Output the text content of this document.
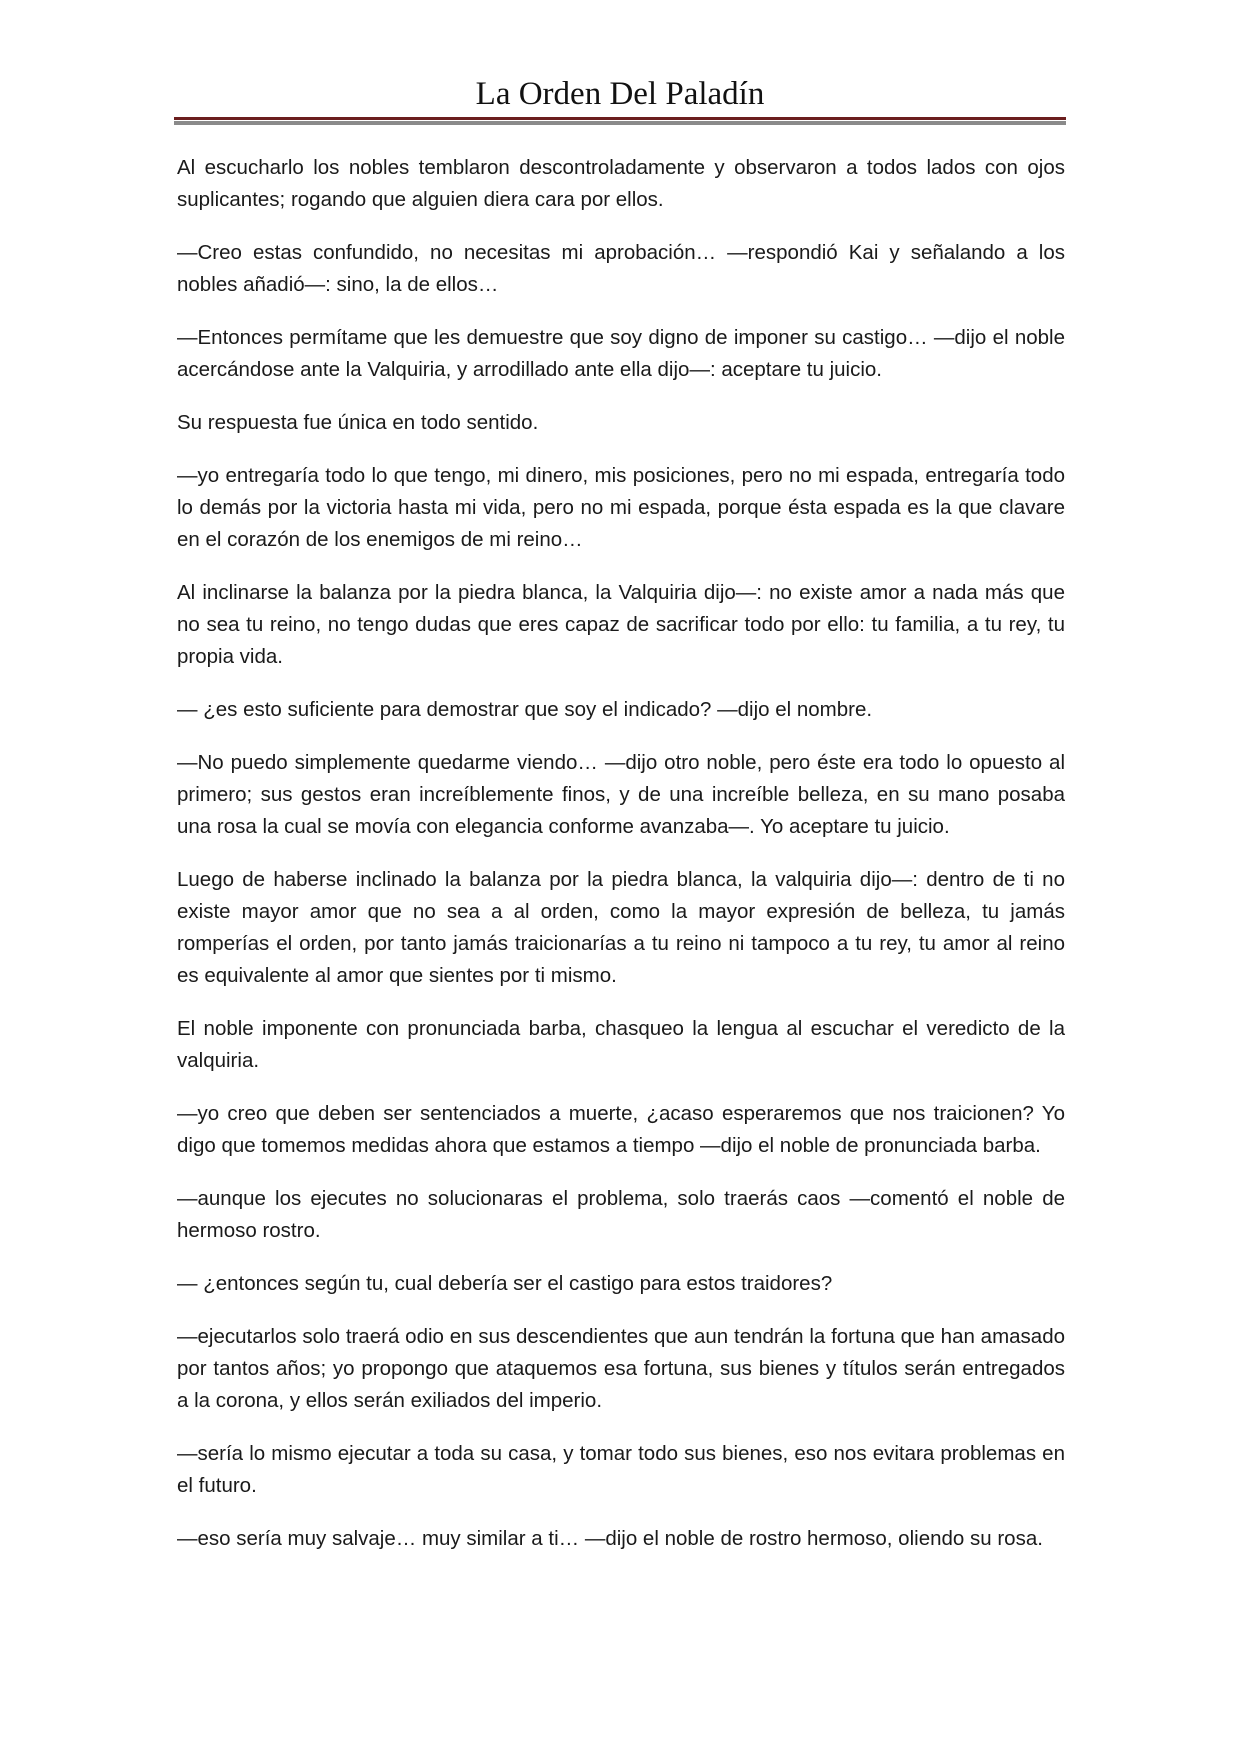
La Orden Del Paladín

Al escucharlo los nobles temblaron descontroladamente y observaron a todos lados con ojos suplicantes; rogando que alguien diera cara por ellos.

—Creo estas confundido, no necesitas mi aprobación… —respondió Kai y señalando a los nobles añadió—: sino, la de ellos…

—Entonces permítame que les demuestre que soy digno de imponer su castigo… —dijo el noble acercándose ante la Valquiria, y arrodillado ante ella dijo—: aceptare tu juicio.

Su respuesta fue única en todo sentido.

—yo entregaría todo lo que tengo, mi dinero, mis posiciones, pero no mi espada, entregaría todo lo demás por la victoria hasta mi vida, pero no mi espada, porque ésta espada es la que clavare en el corazón de los enemigos de mi reino…

Al inclinarse la balanza por la piedra blanca, la Valquiria dijo—: no existe amor a nada más que no sea tu reino, no tengo dudas que eres capaz de sacrificar todo por ello: tu familia, a tu rey, tu propia vida.

— ¿es esto suficiente para demostrar que soy el indicado? —dijo el nombre.

—No puedo simplemente quedarme viendo… —dijo otro noble, pero éste era todo lo opuesto al primero; sus gestos eran increíblemente finos, y de una increíble belleza, en su mano posaba una rosa la cual se movía con elegancia conforme avanzaba—. Yo aceptare tu juicio.

Luego de haberse inclinado la balanza por la piedra blanca, la valquiria dijo—: dentro de ti no existe mayor amor que no sea a al orden, como la mayor expresión de belleza, tu jamás romperías el orden, por tanto jamás traicionarías a tu reino ni tampoco a tu rey, tu amor al reino es equivalente al amor que sientes por ti mismo.

El noble imponente con pronunciada barba, chasqueo la lengua al escuchar el veredicto de la valquiria.

—yo creo que deben ser sentenciados a muerte, ¿acaso esperaremos que nos traicionen? Yo digo que tomemos medidas ahora que estamos a tiempo —dijo el noble de pronunciada barba.

—aunque los ejecutes no solucionaras el problema, solo traerás caos —comentó el noble de hermoso rostro.

— ¿entonces según tu, cual debería ser el castigo para estos traidores?

—ejecutarlos solo traerá odio en sus descendientes que aun tendrán la fortuna que han amasado por tantos años; yo propongo que ataquemos esa fortuna, sus bienes y títulos serán entregados a la corona, y ellos serán exiliados del imperio.

—sería lo mismo ejecutar a toda su casa, y tomar todo sus bienes, eso nos evitara problemas en el futuro.

—eso sería muy salvaje… muy similar a ti… —dijo el noble de rostro hermoso, oliendo su rosa.
